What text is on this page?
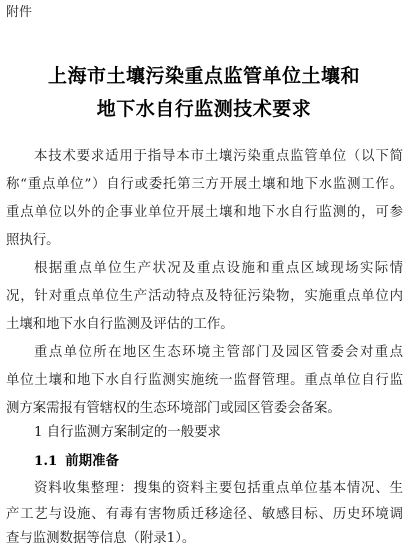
附件
上海市土壤污染重点监管单位土壤和
地下水自行监测技术要求
本技术要求适用于指导本市土壤污染重点监管单位（以下简
称“重点单位”）自行或委托第三方开展土壤和地下水监测工作。
重点单位以外的企事业单位开展土壤和地下水自行监测的，可参
照执行。
根据重点单位生产状况及重点设施和重点区域现场实际情
况，针对重点单位生产活动特点及特征污染物，实施重点单位内
土壤和地下水自行监测及评估的工作。
重点单位所在地区生态环境主管部门及园区管委会对重点
单位土壤和地下水自行监测实施统一监督管理。重点单位自行监
测方案需报有管辖权的生态环境部门或园区管委会备案。
1 自行监测方案制定的一般要求
1.1 前期准备
资料收集整理：搜集的资料主要包括重点单位基本情况、生
产工艺与设施、有毒有害物质迁移途径、敏感目标、历史环境调
查与监测数据等信息（附录1）。
